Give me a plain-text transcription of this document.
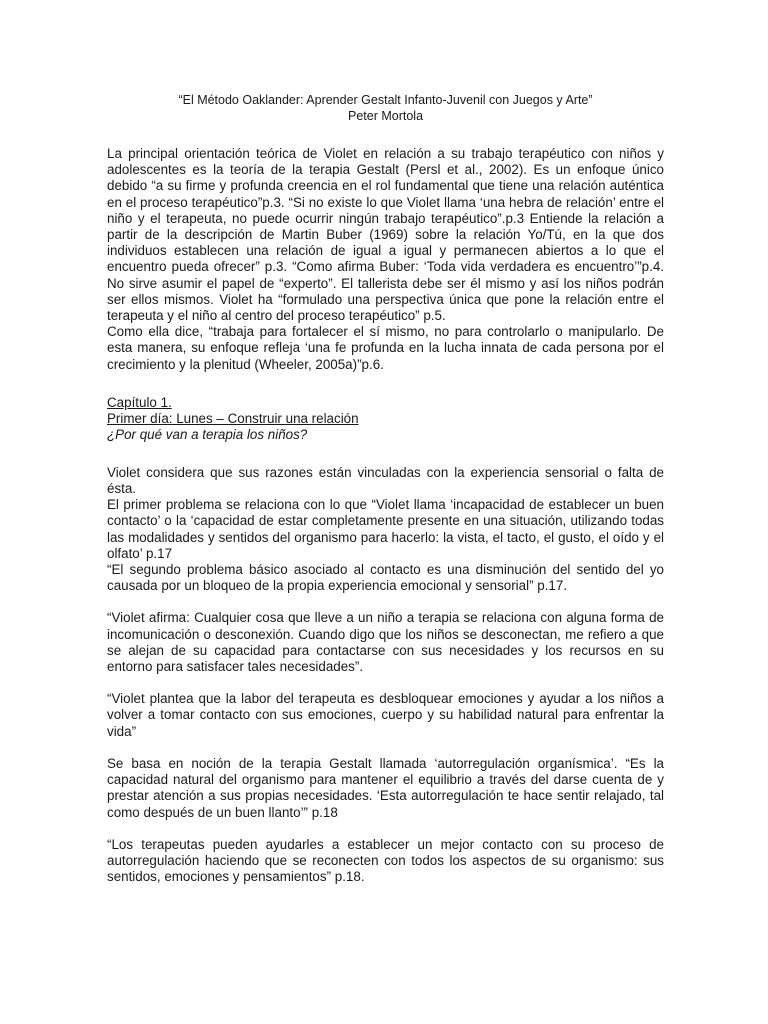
“El Método Oaklander: Aprender Gestalt Infanto-Juvenil con Juegos y Arte”
Peter Mortola

La principal orientación teórica de Violet en relación a su trabajo terapéutico con niños y adolescentes es la teoría de la terapia Gestalt (Persl et al., 2002). Es un enfoque único debido “a su firme y profunda creencia en el rol fundamental que tiene una relación auténtica en el proceso terapéutico”p.3. “Si no existe lo que Violet llama ‘una hebra de relación’ entre el niño y el terapeuta, no puede ocurrir ningún trabajo terapéutico”.p.3 Entiende la relación a partir de la descripción de Martin Buber (1969) sobre la relación Yo/Tú, en la que dos individuos establecen una relación de igual a igual y permanecen abiertos a lo que el encuentro pueda ofrecer” p.3. “Como afirma Buber: ‘Toda vida verdadera es encuentro’”p.4. No sirve asumir el papel de “experto”. El tallerista debe ser él mismo y así los niños podrán ser ellos mismos. Violet ha “formulado una perspectiva única que pone la relación entre el terapeuta y el niño al centro del proceso terapéutico” p.5.

Como ella dice, “trabaja para fortalecer el sí mismo, no para controlarlo o manipularlo. De esta manera, su enfoque refleja ‘una fe profunda en la lucha innata de cada persona por el crecimiento y la plenitud (Wheeler, 2005a)”p.6.

Capítulo 1.

Primer día: Lunes – Construir una relación

¿Por qué van a terapia los niños?

Violet considera que sus razones están vinculadas con la experiencia sensorial o falta de ésta.

El primer problema se relaciona con lo que “Violet llama ‘incapacidad de establecer un buen contacto’ o la ‘capacidad de estar completamente presente en una situación, utilizando todas las modalidades y sentidos del organismo para hacerlo: la vista, el tacto, el gusto, el oído y el olfato’ p.17

“El segundo problema básico asociado al contacto es una disminución del sentido del yo causada por un bloqueo de la propia experiencia emocional y sensorial” p.17.

“Violet afirma: Cualquier cosa que lleve a un niño a terapia se relaciona con alguna forma de incomunicación o desconexión. Cuando digo que los niños se desconectan, me refiero a que se alejan de su capacidad para contactarse con sus necesidades y los recursos en su entorno para satisfacer tales necesidades”.

“Violet plantea que la labor del terapeuta es desbloquear emociones y ayudar a los niños a volver a tomar contacto con sus emociones, cuerpo y su habilidad natural para enfrentar la vida”

Se basa en noción de la terapia Gestalt llamada ‘autorregulación organísmica’. “Es la capacidad natural del organismo para mantener el equilibrio a través del darse cuenta de y prestar atención a sus propias necesidades. ‘Esta autorregulación te hace sentir relajado, tal como después de un buen llanto’” p.18

“Los terapeutas pueden ayudarles a establecer un mejor contacto con su proceso de autorregulación haciendo que se reconecten con todos los aspectos de su organismo: sus sentidos, emociones y pensamientos” p.18.
